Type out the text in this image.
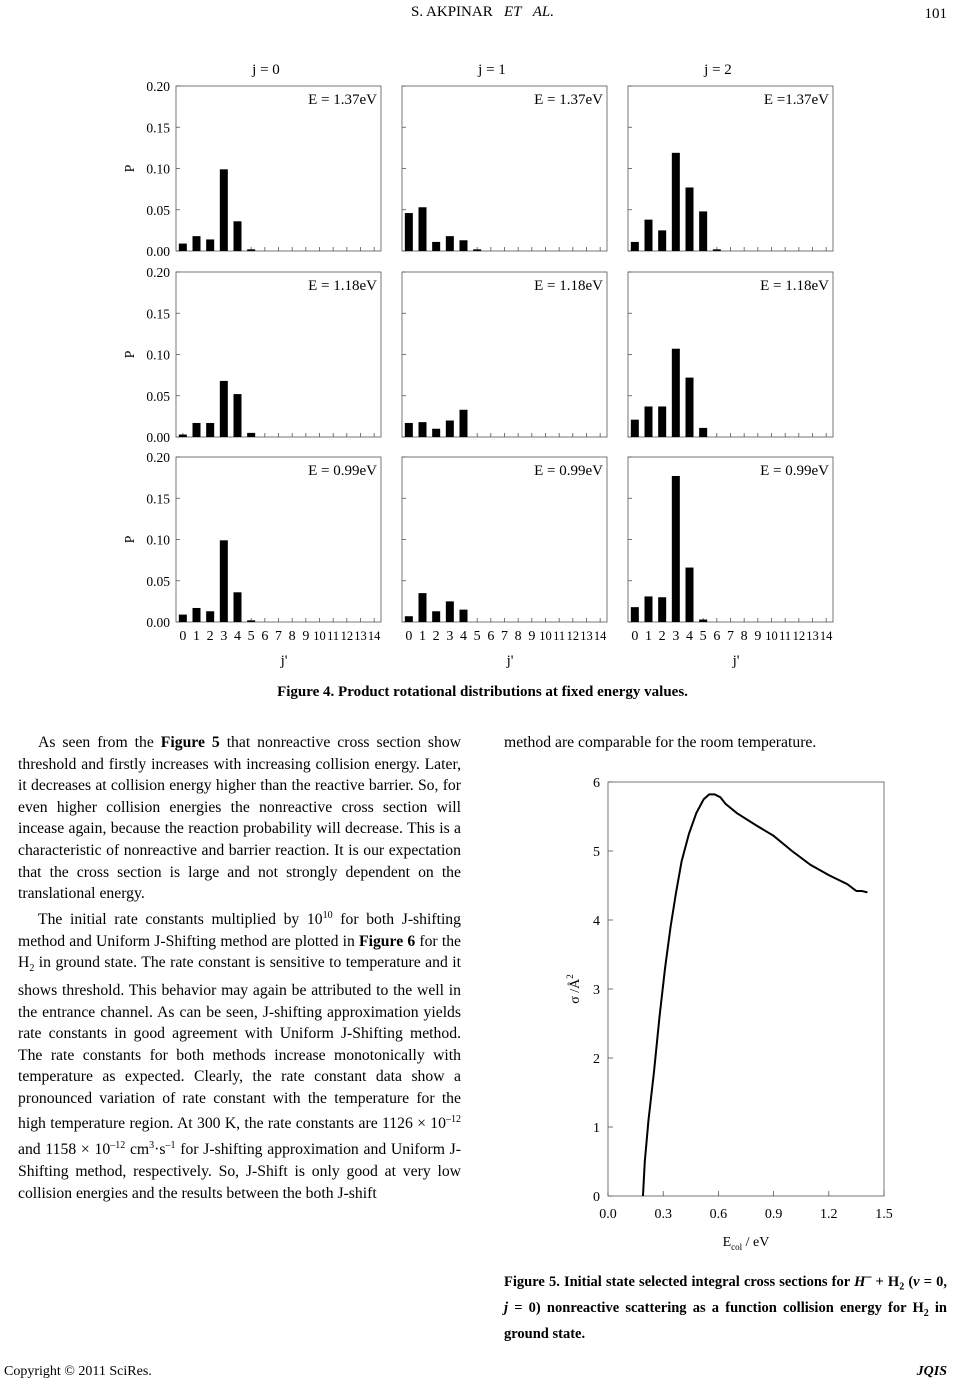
S. AKPINAR   ET AL.	101
j = 0	j = 1	j = 2
P
0.00
0.05
0.10
0.15
0.20
E = 1.37eV	E = 1.37eV	E =1.37eV
P
0.00
0.05
0.10
0.15
0.20
E = 1.18eV	E = 1.18eV	E = 1.18eV
P
0.00
0.05
0.10
0.15
0.20
E = 0.99eV	E = 0.99eV	E = 0.99eV
0 1 2 3 4 5 6 7 8 9 10 11 12 13 14
j'
0 1 2 3 4 5 6 7 8 9 10 11 12 13 14
j'
0 1 2 3 4 5 6 7 8 9 10 11 12 13 14
j'
Figure 4. Product rotational distributions at fixed energy values.

As seen from the Figure 5 that nonreactive cross section show threshold and firstly increases with increasing collision energy. Later, it decreases at collision energy higher than the reactive barrier. So, for even higher collision energies the nonreactive cross section will incease again, because the reaction probability will decrease. This is a characteristic of nonreactive and barrier reaction. It is our expectation that the cross section is large and not strongly dependent on the translational energy.

The initial rate constants multiplied by $10^{10}$ for both J-shifting method and Uniform J-Shifting method are plotted in Figure 6 for the $H_2$ in ground state. The rate constant is sensitive to temperature and it shows threshold. This behavior may again be attributed to the well in the entrance channel. As can be seen, J-shifting approximation yields rate constants in good agreement with Uniform J-Shifting method. The rate constants for both methods increase monotonically with temperature as expected. Clearly, the rate constant data show a pronounced variation of rate constant with the temperature for the high temperature region. At 300 K, the rate constants are $1126 \times 10^{-12}$ and $1158 \times 10^{-12}$ $cm^3\cdot s^{-1}$ for J-shifting approximation and Uniform J-Shifting method, respectively. So, J-Shift is only good at very low collision energies and the results between the both J-shift

method are comparable for the room temperature.
0
1
2
3
4
5
6
0.0	0.3	0.6	0.9	1.2	1.5
σ $/Å^2$
$E_{col}$ / eV
Figure 5. Initial state selected integral cross sections for $H^- + H_2$ (v = 0, j = 0) nonreactive scattering as a function collision energy for $H_2$ in ground state.
Copyright © 2011 SciRes.	JQIS
